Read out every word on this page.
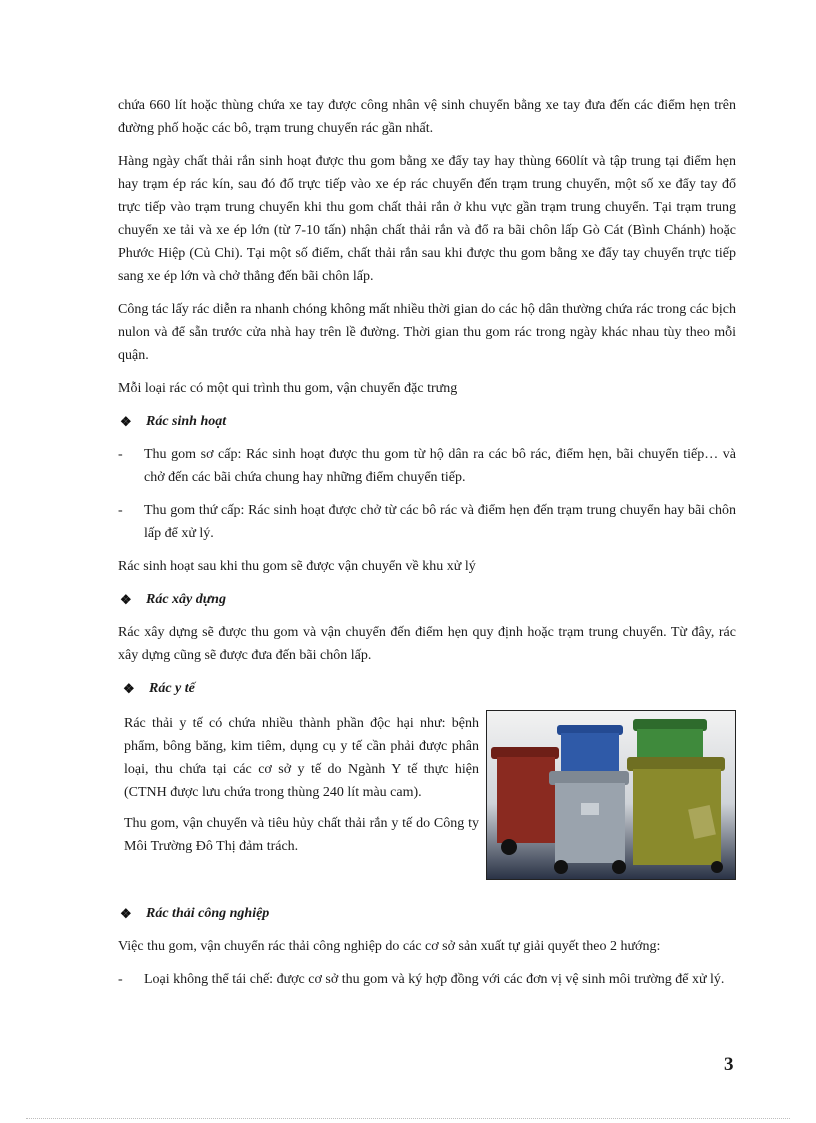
chứa 660 lít hoặc thùng chứa xe tay được công nhân vệ sinh chuyển bằng xe tay đưa đến các điểm hẹn trên đường phố hoặc các bô, trạm trung chuyển rác gần nhất.

Hàng ngày chất thải rắn sinh hoạt được thu gom bằng xe đẩy tay hay thùng 660lít và tập trung tại điểm hẹn hay trạm ép rác kín, sau đó đổ trực tiếp vào xe ép rác chuyển đến trạm trung chuyển, một số xe đẩy tay đổ trực tiếp vào trạm trung chuyển khi thu gom chất thải rắn ở khu vực gần trạm trung chuyển. Tại trạm trung chuyển xe tải và xe ép lớn (từ 7-10 tấn) nhận chất thải rắn và đổ ra bãi chôn lấp Gò Cát (Bình Chánh) hoặc Phước Hiệp (Củ Chi). Tại một số điểm, chất thải rắn sau khi được thu gom bằng xe đẩy tay chuyển trực tiếp sang xe ép lớn và chở thẳng đến bãi chôn lấp.

Công tác lấy rác diễn ra nhanh chóng không mất nhiều thời gian do các hộ dân thường chứa rác trong các bịch nulon và để sẵn trước cửa nhà hay trên lề đường. Thời gian thu gom rác trong ngày khác nhau tùy theo mỗi quận.

Mỗi loại rác có một qui trình thu gom, vận chuyển đặc trưng

❖ Rác sinh hoạt
-	Thu gom sơ cấp: Rác sinh hoạt được thu gom từ hộ dân ra các bô rác, điểm hẹn, bãi chuyển tiếp… và chở đến các bãi chứa chung hay những điểm chuyển tiếp.
-	Thu gom thứ cấp: Rác sinh hoạt được chở từ các bô rác và điểm hẹn đến trạm trung chuyển hay bãi chôn lấp để xử lý.

Rác sinh hoạt sau khi thu gom sẽ được vận chuyển về khu xử lý

❖ Rác xây dựng

Rác xây dựng sẽ được thu gom và vận chuyển đến điểm hẹn quy định hoặc trạm trung chuyển. Từ đây, rác xây dựng cũng sẽ được đưa đến bãi chôn lấp.

❖ Rác y tế

Rác thải y tế có chứa nhiều thành phần độc hại như: bệnh phẩm, bông băng, kim tiêm, dụng cụ y tế cần phải được phân loại, thu chứa tại các cơ sở y tế do Ngành Y tế thực hiện (CTNH được lưu chứa trong thùng 240 lít màu cam).

Thu gom, vận chuyển và tiêu hủy chất thải rắn y tế do Công ty Môi Trường Đô Thị đảm trách.

❖ Rác thải công nghiệp

Việc thu gom, vận chuyển rác thải công nghiệp do các cơ sở sản xuất tự giải quyết theo 2 hướng:

-	Loại không thể tái chế: được cơ sở thu gom và ký hợp đồng với các đơn vị vệ sinh môi trường để xử lý.
3
